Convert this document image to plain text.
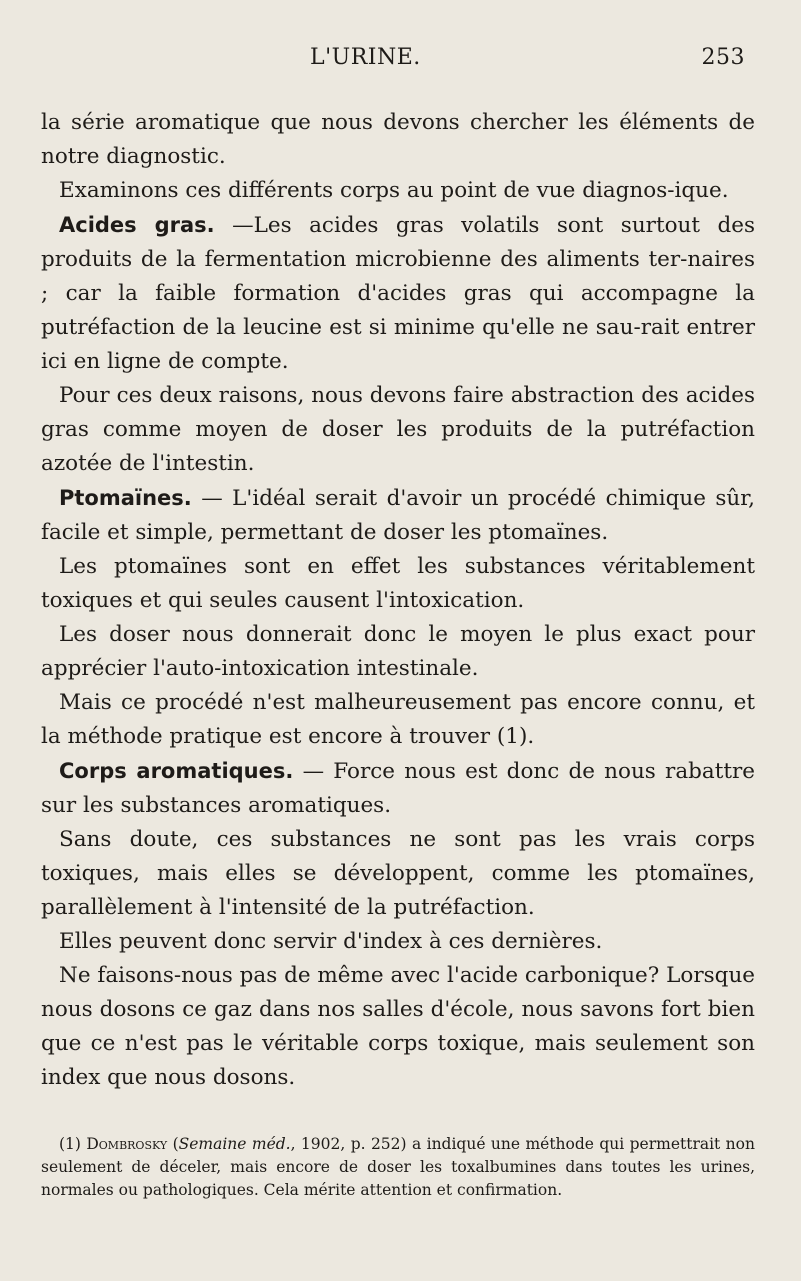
L'URINE.	253

la série aromatique que nous devons chercher les éléments de notre diagnostic.

Examinons ces différents corps au point de vue diagnos-ique.

Acides gras. —Les acides gras volatils sont surtout des produits de la fermentation microbienne des aliments ter-naires ; car la faible formation d'acides gras qui accompagne la putréfaction de la leucine est si minime qu'elle ne sau-rait entrer ici en ligne de compte.

Pour ces deux raisons, nous devons faire abstraction des acides gras comme moyen de doser les produits de la putréfaction azotée de l'intestin.

Ptomaïnes. — L'idéal serait d'avoir un procédé chimique sûr, facile et simple, permettant de doser les ptomaïnes.

Les ptomaïnes sont en effet les substances véritablement toxiques et qui seules causent l'intoxication.

Les doser nous donnerait donc le moyen le plus exact pour apprécier l'auto-intoxication intestinale.

Mais ce procédé n'est malheureusement pas encore connu, et la méthode pratique est encore à trouver (1).

Corps aromatiques. — Force nous est donc de nous rabattre sur les substances aromatiques.

Sans doute, ces substances ne sont pas les vrais corps toxiques, mais elles se développent, comme les ptomaïnes, parallèlement à l'intensité de la putréfaction.

Elles peuvent donc servir d'index à ces dernières.

Ne faisons-nous pas de même avec l'acide carbonique? Lorsque nous dosons ce gaz dans nos salles d'école, nous savons fort bien que ce n'est pas le véritable corps toxique, mais seulement son index que nous dosons.

(1) Dombrosky (Semaine méd., 1902, p. 252) a indiqué une méthode qui permettrait non seulement de déceler, mais encore de doser les toxalbumines dans toutes les urines, normales ou pathologiques. Cela mérite attention et confirmation.
